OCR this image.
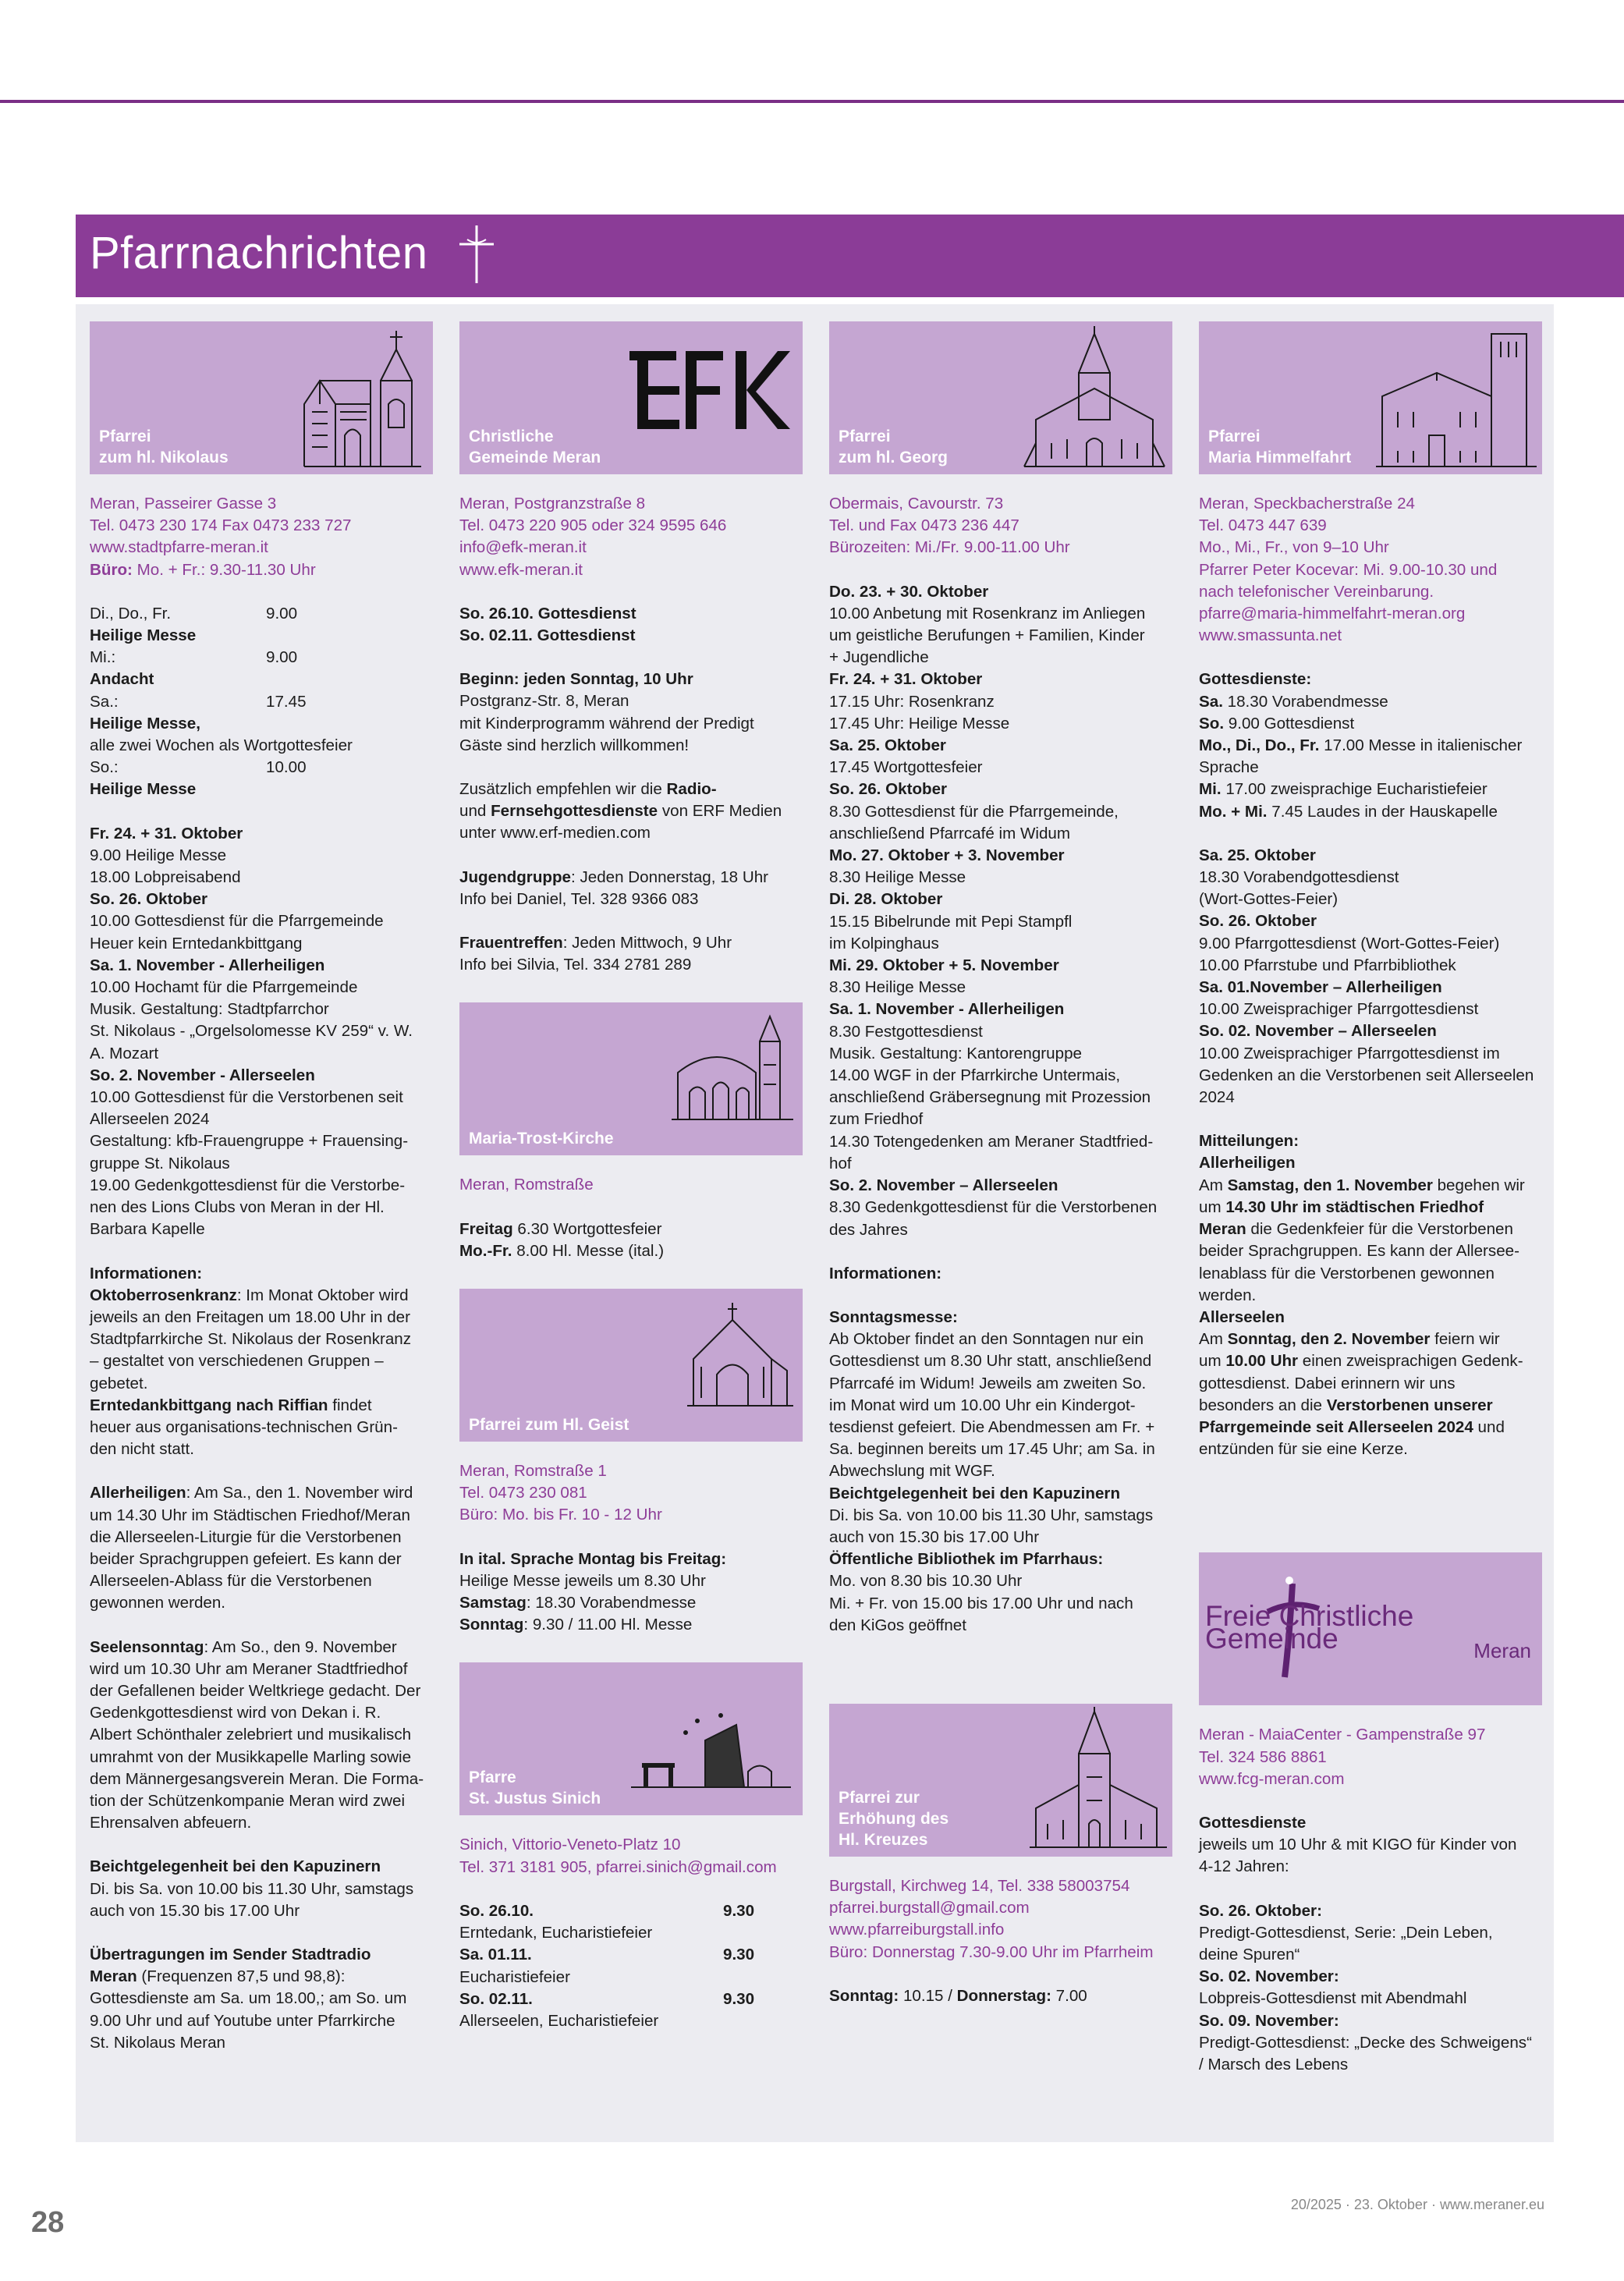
Pfarrnachrichten
Pfarrei
zum hl. Nikolaus

Meran, Passeirer Gasse 3
Tel. 0473 230 174 Fax 0473 233 727
www.stadtpfarre-meran.it

Büro: Mo. + Fr.: 9.30-11.30 Uhr

Di., Do., Fr.	9.00

Heilige Messe

Mi.:	9.00

Andacht

Sa.:	17.45

Heilige Messe,

alle zwei Wochen als Wortgottesfeier

So.:	10.00

Heilige Messe

Fr. 24. + 31. Oktober

9.00 Heilige Messe
18.00 Lobpreisabend

So. 26. Oktober

10.00 Gottesdienst für die Pfarrgemeinde
Heuer kein Erntedankbittgang

Sa. 1. November - Allerheiligen

10.00 Hochamt für die Pfarrgemeinde
Musik. Gestaltung: Stadtpfarrchor
St. Nikolaus - „Orgelsolomesse KV 259“ v. W.
A. Mozart

So. 2. November - Allerseelen

10.00 Gottesdienst für die Verstorbenen seit
Allerseelen 2024
Gestaltung: kfb-Frauengruppe + Frauensing-
gruppe St. Nikolaus
19.00 Gedenkgottesdienst für die Verstorbe-
nen des Lions Clubs von Meran in der Hl.
Barbara Kapelle

Informationen:

Oktoberrosenkranz: Im Monat Oktober wird
jeweils an den Freitagen um 18.00 Uhr in der
Stadtpfarrkirche St. Nikolaus der Rosenkranz
– gestaltet von verschiedenen Gruppen –
gebetet.

Erntedankbittgang nach Riffian findet
heuer aus organisations-technischen Grün-
den nicht statt.

Allerheiligen: Am Sa., den 1. November wird
um 14.30 Uhr im Städtischen Friedhof/Meran
die Allerseelen-Liturgie für die Verstorbenen
beider Sprachgruppen gefeiert. Es kann der
Allerseelen-Ablass für die Verstorbenen
gewonnen werden.

Seelensonntag: Am So., den 9. November
wird um 10.30 Uhr am Meraner Stadtfriedhof
der Gefallenen beider Weltkriege gedacht. Der
Gedenkgottesdienst wird von Dekan i. R.
Albert Schönthaler zelebriert und musikalisch
umrahmt von der Musikkapelle Marling sowie
dem Männergesangsverein Meran. Die Forma-
tion der Schützenkompanie Meran wird zwei
Ehrensalven abfeuern.

Beichtgelegenheit bei den Kapuzinern

Di. bis Sa. von 10.00 bis 11.30 Uhr, samstags
auch von 15.30 bis 17.00 Uhr

Übertragungen im Sender Stadtradio
Meran (Frequenzen 87,5 und 98,8):
Gottesdienste am Sa. um 18.00,; am So. um
9.00 Uhr und auf Youtube unter Pfarrkirche
St. Nikolaus Meran

Christliche
Gemeinde Meran

Meran, Postgranzstraße 8
Tel. 0473 220 905 oder 324 9595 646
info@efk-meran.it
www.efk-meran.it

So. 26.10. Gottesdienst
So. 02.11. Gottesdienst

Beginn: jeden Sonntag, 10 Uhr

Postgranz-Str. 8, Meran
mit Kinderprogramm während der Predigt
Gäste sind herzlich willkommen!

Zusätzlich empfehlen wir die Radio-
und Fernsehgottesdienste von ERF Medien
unter www.erf-medien.com

Jugendgruppe: Jeden Donnerstag, 18 Uhr
Info bei Daniel, Tel. 328 9366 083

Frauentreffen: Jeden Mittwoch, 9 Uhr
Info bei Silvia, Tel. 334 2781 289

Maria-Trost-Kirche

Meran, Romstraße

Freitag 6.30 Wortgottesfeier

Mo.-Fr. 8.00 Hl. Messe (ital.)

Pfarrei zum Hl. Geist

Meran, Romstraße 1
Tel. 0473 230 081
Büro: Mo. bis Fr. 10 - 12 Uhr

In ital. Sprache Montag bis Freitag:

Heilige Messe jeweils um 8.30 Uhr

Samstag: 18.30 Vorabendmesse

Sonntag: 9.30 / 11.00 Hl. Messe

Pfarre
St. Justus Sinich

Sinich, Vittorio-Veneto-Platz 10
Tel. 371 3181 905, pfarrei.sinich@gmail.com

So. 26.10.	9.30

Erntedank, Eucharistiefeier

Sa. 01.11.	9.30

Eucharistiefeier

So. 02.11.	9.30

Allerseelen, Eucharistiefeier

Pfarrei
zum hl. Georg

Obermais, Cavourstr. 73
Tel. und Fax 0473 236 447
Bürozeiten: Mi./Fr. 9.00-11.00 Uhr

Do. 23. + 30. Oktober

10.00 Anbetung mit Rosenkranz im Anliegen
um geistliche Berufungen + Familien, Kinder
+ Jugendliche

Fr. 24. + 31. Oktober

17.15 Uhr: Rosenkranz
17.45 Uhr: Heilige Messe

Sa. 25. Oktober

17.45 Wortgottesfeier

So. 26. Oktober

8.30 Gottesdienst für die Pfarrgemeinde,
anschließend Pfarrcafé im Widum

Mo. 27. Oktober + 3. November

8.30 Heilige Messe

Di. 28. Oktober

15.15 Bibelrunde mit Pepi Stampfl
im Kolpinghaus

Mi. 29. Oktober + 5. November

8.30 Heilige Messe

Sa. 1. November - Allerheiligen

8.30 Festgottesdienst
Musik. Gestaltung: Kantorengruppe
14.00 WGF in der Pfarrkirche Untermais,
anschließend Gräbersegnung mit Prozession
zum Friedhof
14.30 Totengedenken am Meraner Stadtfried-
hof

So. 2. November – Allerseelen

8.30 Gedenkgottesdienst für die Verstorbenen
des Jahres

Informationen:

Sonntagsmesse:

Ab Oktober findet an den Sonntagen nur ein
Gottesdienst um 8.30 Uhr statt, anschließend
Pfarrcafé im Widum! Jeweils am zweiten So.
im Monat wird um 10.00 Uhr ein Kindergot-
tesdienst gefeiert. Die Abendmessen am Fr. +
Sa. beginnen bereits um 17.45 Uhr; am Sa. in
Abwechslung mit WGF.

Beichtgelegenheit bei den Kapuzinern

Di. bis Sa. von 10.00 bis 11.30 Uhr, samstags
auch von 15.30 bis 17.00 Uhr

Öffentliche Bibliothek im Pfarrhaus:

Mo. von 8.30 bis 10.30 Uhr
Mi. + Fr. von 15.00 bis 17.00 Uhr und nach
den KiGos geöffnet

Pfarrei zur
Erhöhung des
Hl. Kreuzes

Burgstall, Kirchweg 14, Tel. 338 58003754
pfarrei.burgstall@gmail.com
www.pfarreiburgstall.info
Büro: Donnerstag 7.30-9.00 Uhr im Pfarrheim

Sonntag: 10.15 / Donnerstag: 7.00

Pfarrei
Maria Himmelfahrt

Meran, Speckbacherstraße 24
Tel. 0473 447 639
Mo., Mi., Fr., von 9–10 Uhr
Pfarrer Peter Kocevar: Mi. 9.00-10.30 und
nach telefonischer Vereinbarung.
pfarre@maria-himmelfahrt-meran.org
www.smassunta.net

Gottesdienste:

Sa. 18.30 Vorabendmesse

So. 9.00 Gottesdienst

Mo., Di., Do., Fr. 17.00 Messe in italienischer
Sprache

Mi. 17.00 zweisprachige Eucharistiefeier

Mo. + Mi. 7.45 Laudes in der Hauskapelle

Sa. 25. Oktober

18.30 Vorabendgottesdienst
(Wort-Gottes-Feier)

So. 26. Oktober

9.00 Pfarrgottesdienst (Wort-Gottes-Feier)
10.00 Pfarrstube und Pfarrbibliothek

Sa. 01.November – Allerheiligen

10.00 Zweisprachiger Pfarrgottesdienst

So. 02. November – Allerseelen

10.00 Zweisprachiger Pfarrgottesdienst im
Gedenken an die Verstorbenen seit Allerseelen
2024

Mitteilungen:

Allerheiligen

Am Samstag, den 1. November begehen wir
um 14.30 Uhr im städtischen Friedhof
Meran die Gedenkfeier für die Verstorbenen
beider Sprachgruppen. Es kann der Allersee-
lenablass für die Verstorbenen gewonnen
werden.

Allerseelen

Am Sonntag, den 2. November feiern wir
um 10.00 Uhr einen zweisprachigen Gedenk-
gottesdienst. Dabei erinnern wir uns
besonders an die Verstorbenen unserer
Pfarrgemeinde seit Allerseelen 2024 und
entzünden für sie eine Kerze.

Freie Christliche Gemeinde	Meran

Meran - MaiaCenter - Gampenstraße 97
Tel. 324 586 8861
www.fcg-meran.com

Gottesdienste

jeweils um 10 Uhr & mit KIGO für Kinder von
4-12 Jahren:

So. 26. Oktober:

Predigt-Gottesdienst, Serie: „Dein Leben,
deine Spuren“

So. 02. November:

Lobpreis-Gottesdienst mit Abendmahl

So. 09. November:

Predigt-Gottesdienst: „Decke des Schweigens“
/ Marsch des Lebens

28
20/2025 · 23. Oktober · www.meraner.eu
